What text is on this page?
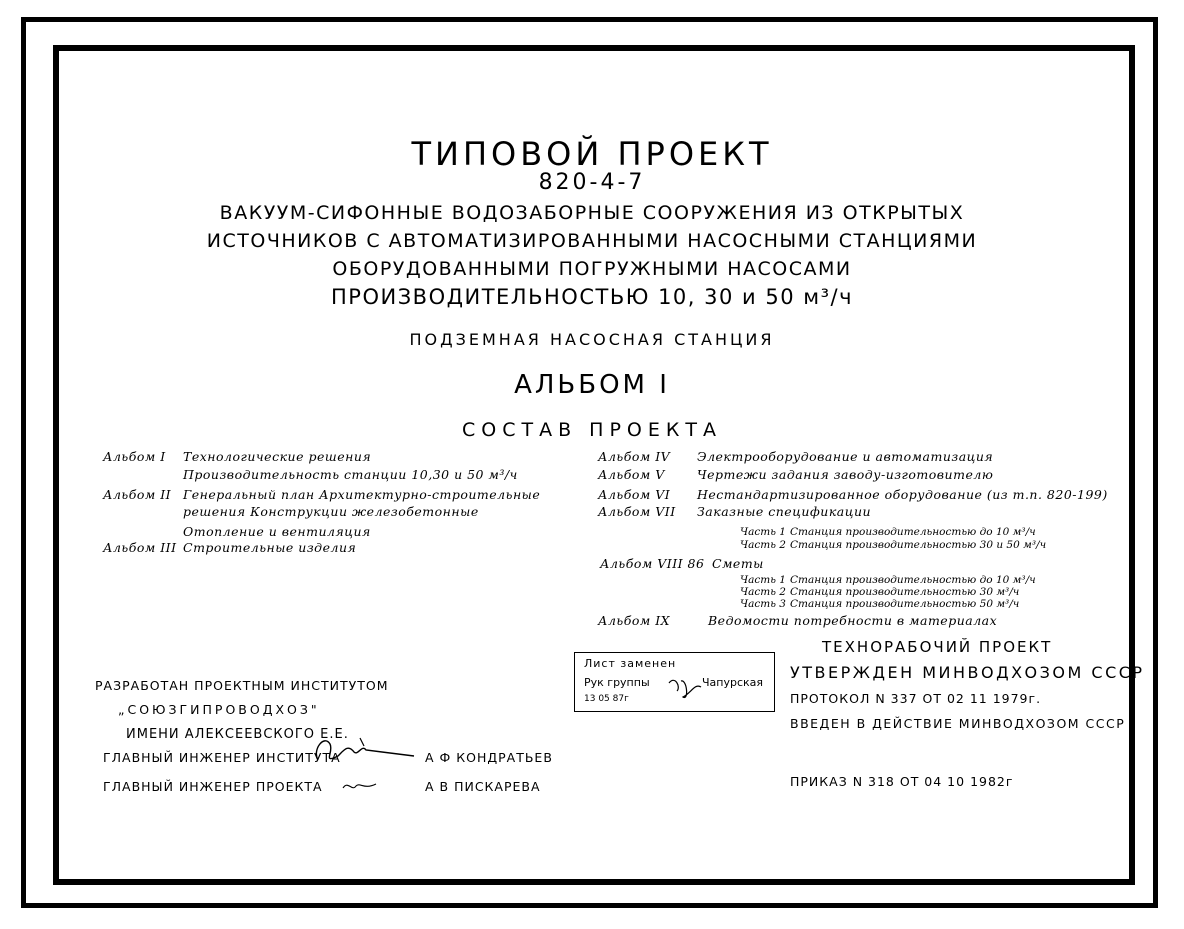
ТИПОВОЙ ПРОЕКТ
820-4-7
ВАКУУМ-СИФОННЫЕ ВОДОЗАБОРНЫЕ СООРУЖЕНИЯ ИЗ ОТКРЫТЫХ
ИСТОЧНИКОВ С АВТОМАТИЗИРОВАННЫМИ НАСОСНЫМИ СТАНЦИЯМИ
ОБОРУДОВАННЫМИ ПОГРУЖНЫМИ НАСОСАМИ
ПРОИЗВОДИТЕЛЬНОСТЬЮ 10, 30 и 50 м³/ч
ПОДЗЕМНАЯ НАСОСНАЯ СТАНЦИЯ
АЛЬБОМ I
СОСТАВ ПРОЕКТА
Альбом I Технологические решения
Производительность станции 10,30 и 50 м³/ч
Альбом II Генеральный план Архитектурно-строительные
решения Конструкции железобетонные
Отопление и вентиляция
Альбом III Строительные изделия
Альбом IV Электрооборудование и автоматизация
Альбом V	Чертежи задания заводу-изготовителю
Альбом VI Нестандартизированное оборудование (из т.п. 820-199)
Альбом VII Заказные спецификации
Часть 1 Станция производительностью до 10 м³/ч
Часть 2 Станция производительностью 30 и 50 м³/ч
Альбом VIII 86 Сметы
Часть 1 Станция производительностью до 10 м³/ч
Часть 2 Станция производительностью 30 м³/ч
Часть 3 Станция производительностью 50 м³/ч
Альбом IX	Ведомости потребности в материалах
ТЕХНОРАБОЧИЙ ПРОЕКТ
УТВЕРЖДЕН МИНВОДХОЗОМ СССР
ПРОТОКОЛ N 337 ОТ 02 11 1979г.
ВВЕДЕН В ДЕЙСТВИЕ МИНВОДХОЗОМ СССР
ПРИКАЗ N 318 ОТ 04 10 1982г
Лист заменен
Рук группы	Чапурская
13 05 87г
РАЗРАБОТАН ПРОЕКТНЫМ ИНСТИТУТОМ
„СОЮЗГИПРОВОДХОЗ"
ИМЕНИ АЛЕКСЕЕВСКОГО Е.Е.
ГЛАВНЫЙ ИНЖЕНЕР ИНСТИТУТА	А Ф КОНДРАТЬЕВ
ГЛАВНЫЙ ИНЖЕНЕР ПРОЕКТА	А В ПИСКАРЕВА
